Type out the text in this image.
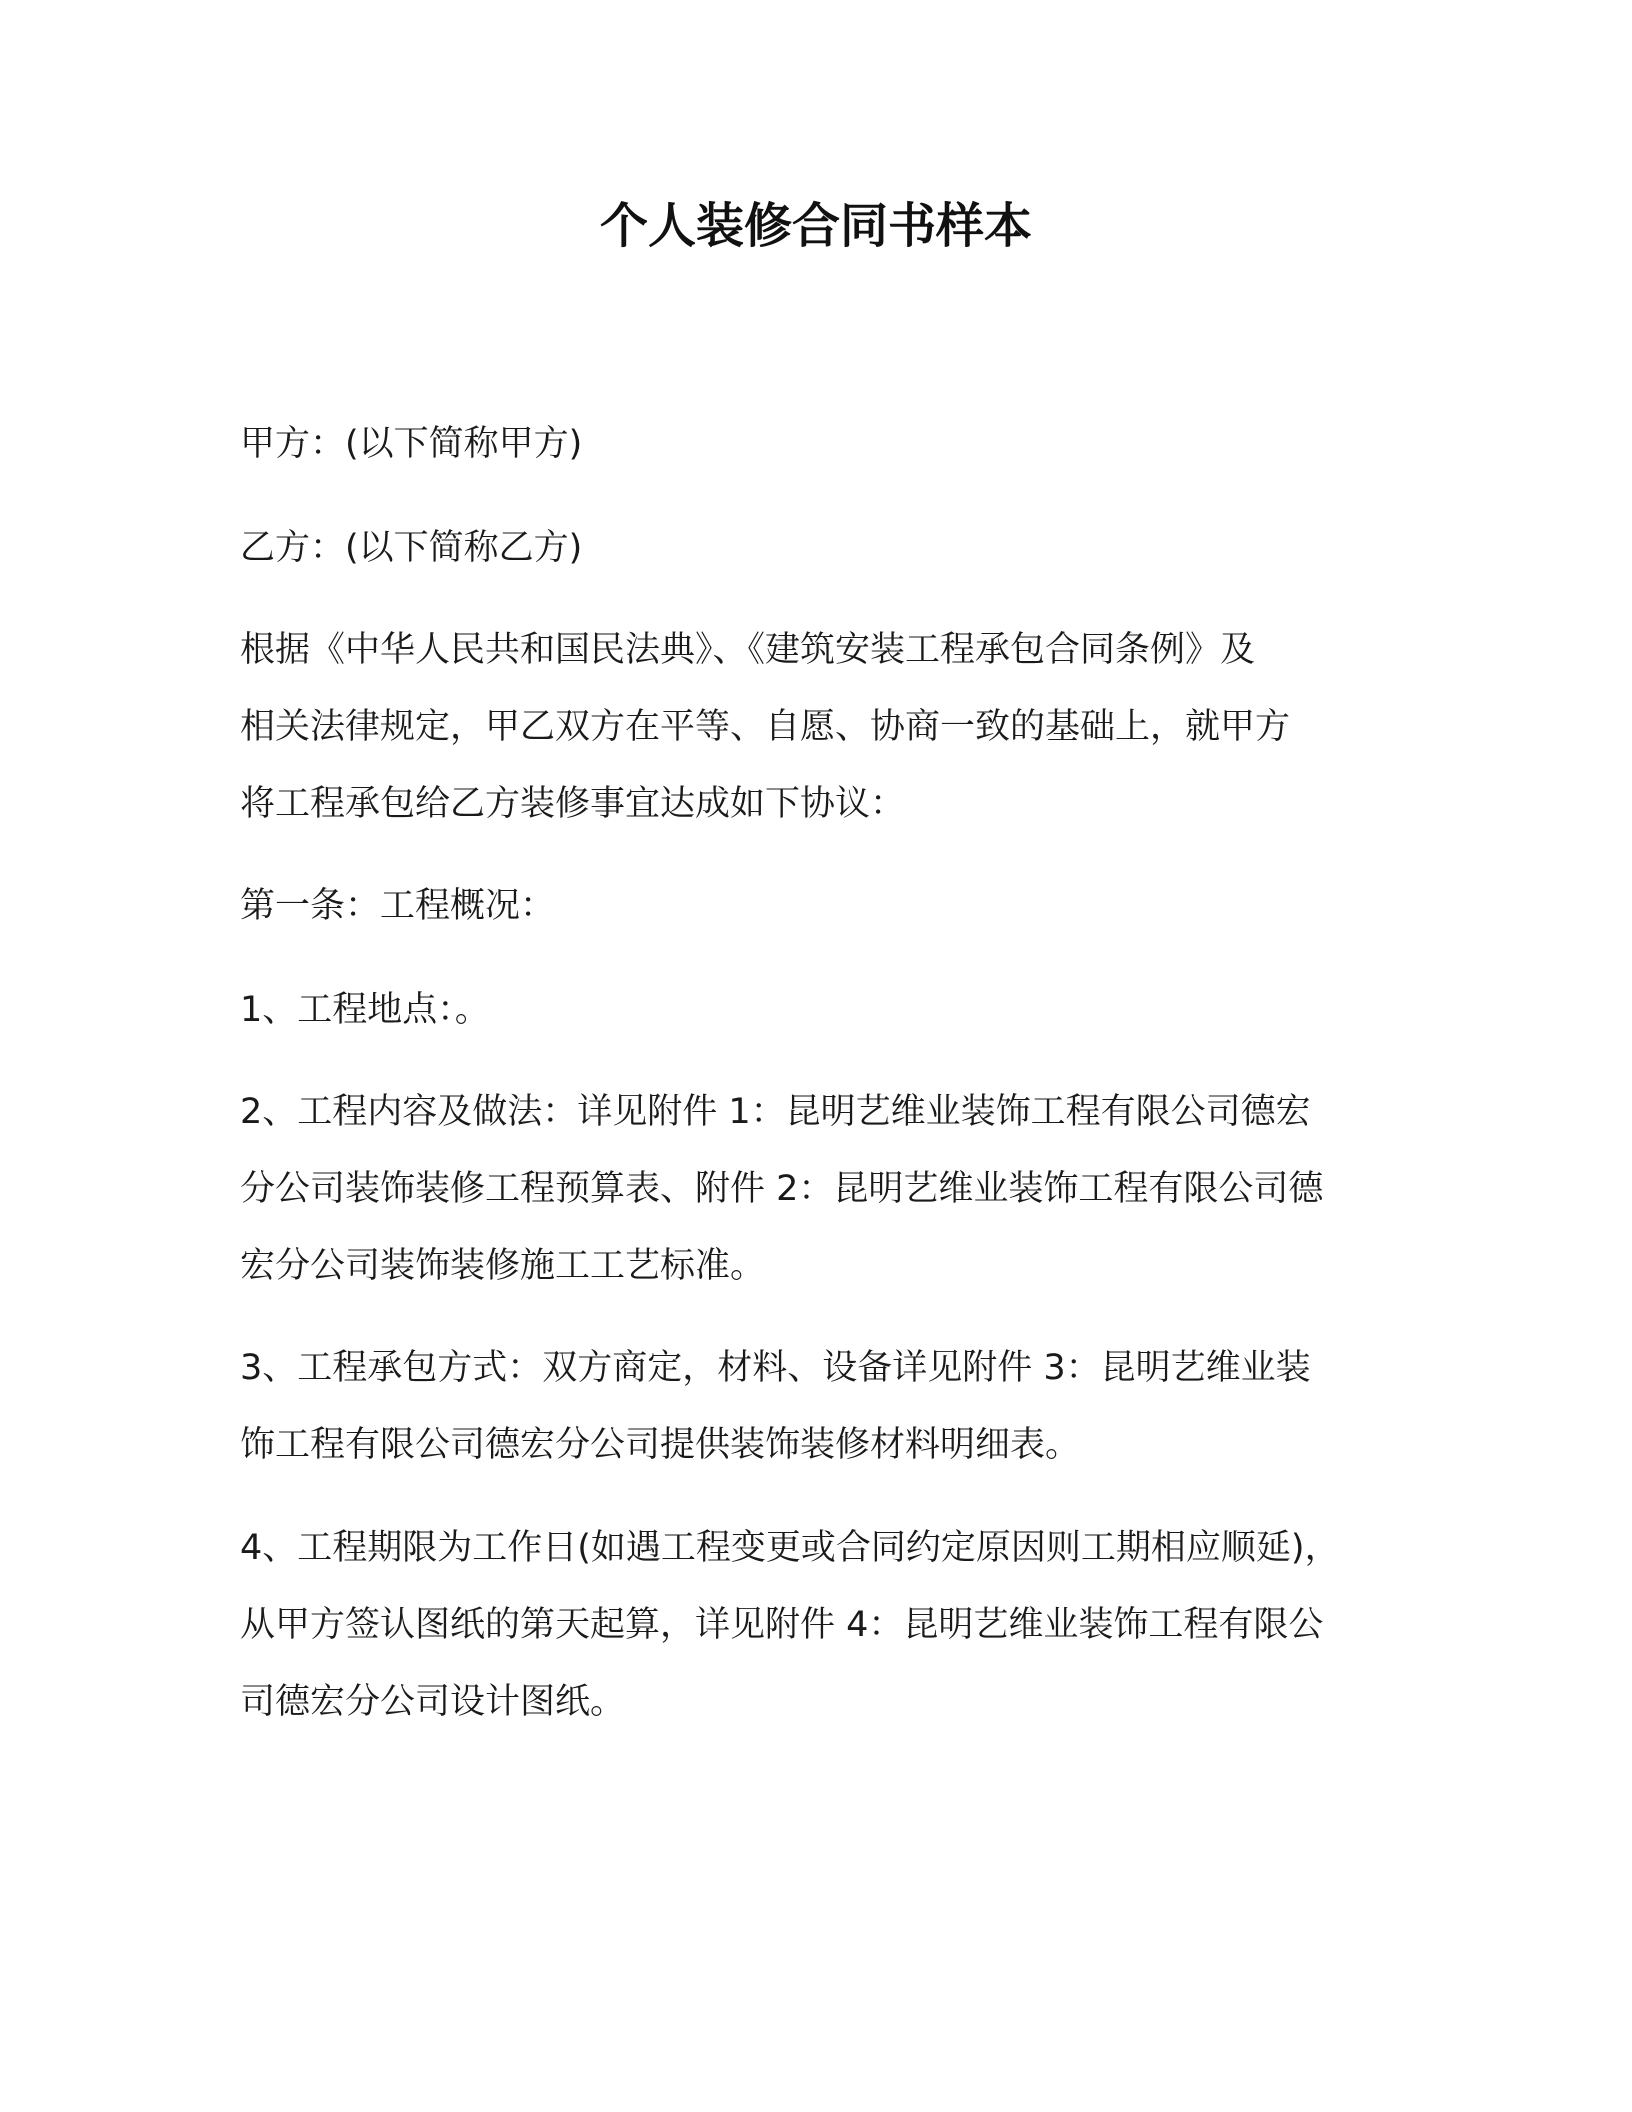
个人装修合同书样本

甲方：(以下简称甲方)

乙方：(以下简称乙方)

根据《中华人民共和国民法典》、《建筑安装工程承包合同条例》及
相关法律规定，甲乙双方在平等、自愿、协商一致的基础上，就甲方
将工程承包给乙方装修事宜达成如下协议：

第一条：工程概况：

1、工程地点：。

2、工程内容及做法：详见附件 1：昆明艺维业装饰工程有限公司德宏
分公司装饰装修工程预算表、附件 2：昆明艺维业装饰工程有限公司德
宏分公司装饰装修施工工艺标准。

3、工程承包方式：双方商定，材料、设备详见附件 3：昆明艺维业装
饰工程有限公司德宏分公司提供装饰装修材料明细表。

4、工程期限为工作日(如遇工程变更或合同约定原因则工期相应顺延)，
从甲方签认图纸的第天起算，详见附件 4：昆明艺维业装饰工程有限公
司德宏分公司设计图纸。
